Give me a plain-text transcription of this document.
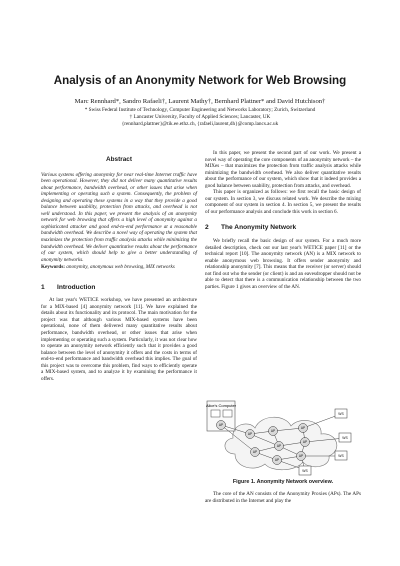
Analysis of an Anonymity Network for Web Browsing
Marc Rennhard*, Sandro Rafaeli†, Laurent Mathy†, Bernhard Plattner* and David Hutchison†
* Swiss Federal Institute of Technology, Computer Engineering and Networks Laboratory; Zurich, Switzerland
† Lancaster University, Faculty of Applied Sciences; Lancaster, UK
{rennhard,plattner}@tik.ee.ethz.ch, {rafaeli,laurent,dh}@comp.lancs.ac.uk
Abstract

Various systems offering anonymity for near real-time Internet traffic have been operational. However, they did not deliver many quantitative results about performance, bandwidth overhead, or other issues that arise when implementing or operating such a system. Consequently, the problem of designing and operating these systems in a way that they provide a good balance between usability, protection from attacks, and overhead is not well understood. In this paper, we present the analysis of an anonymity network for web browsing that offers a high level of anonymity against a sophisticated attacker and good end-to-end performance at a reasonable bandwidth overhead. We describe a novel way of operating the system that maximizes the protection from traffic analysis attacks while minimizing the bandwidth overhead. We deliver quantitative results about the performance of our system, which should help to give a better understanding of anonymity networks.

Keywords: anonymity, anonymous web browsing, MIX networks

1 Introduction

At last year's WETICE workshop, we have presented an architecture for a MIX-based [4] anonymity network [11]. We have explained the details about its functionality and its protocol. The main motivation for the project was that although various MIX-based systems have been operational, none of them delivered many quantitative results about performance, bandwidth overhead, or other issues that arise when implementing or operating such a system. Particularly, it was not clear how to operate an anonymity network efficiently such that it provides a good balance between the level of anonymity it offers and the costs in terms of end-to-end performance and bandwidth overhead this implies. The goal of this project was to overcome this problem, find ways to efficiently operate a MIX-based system, and to analyze it by examining the performance it offers.

In this paper, we present the second part of our work. We present a novel way of operating the core components of an anonymity network – the MIXes – that maximizes the protection from traffic analysis attacks while minimizing the bandwidth overhead. We also deliver quantitative results about the performance of our system, which show that it indeed provides a good balance between usability, protection from attacks, and overhead.

This paper is organized as follows: we first recall the basic design of our system. In section 3, we discuss related work. We describe the mixing component of our system in section 4. In section 5, we present the results of our performance analysis and conclude this work in section 6.

2 The Anonymity Network

We briefly recall the basic design of our system. For a much more detailed description, check out our last year's WETICE paper [11] or the technical report [10]. The anonymity network (AN) is a MIX network to enable anonymous web browsing. It offers sender anonymity and relationship anonymity [7]. This means that the receiver (or server) should not find out who the sender (or client) is and an eavesdropper should not be able to detect that there is a communication relationship between the two parties. Figure 1 gives an overview of the AN.

Alice's Computer
AP
AP
AP
AP
AP
AP
AP
AP
AP
WS
WS
WS
WS
Figure 1. Anonymity Network overview.

The core of the AN consists of the Anonymity Proxies (APs). The APs are distributed in the Internet and play the
